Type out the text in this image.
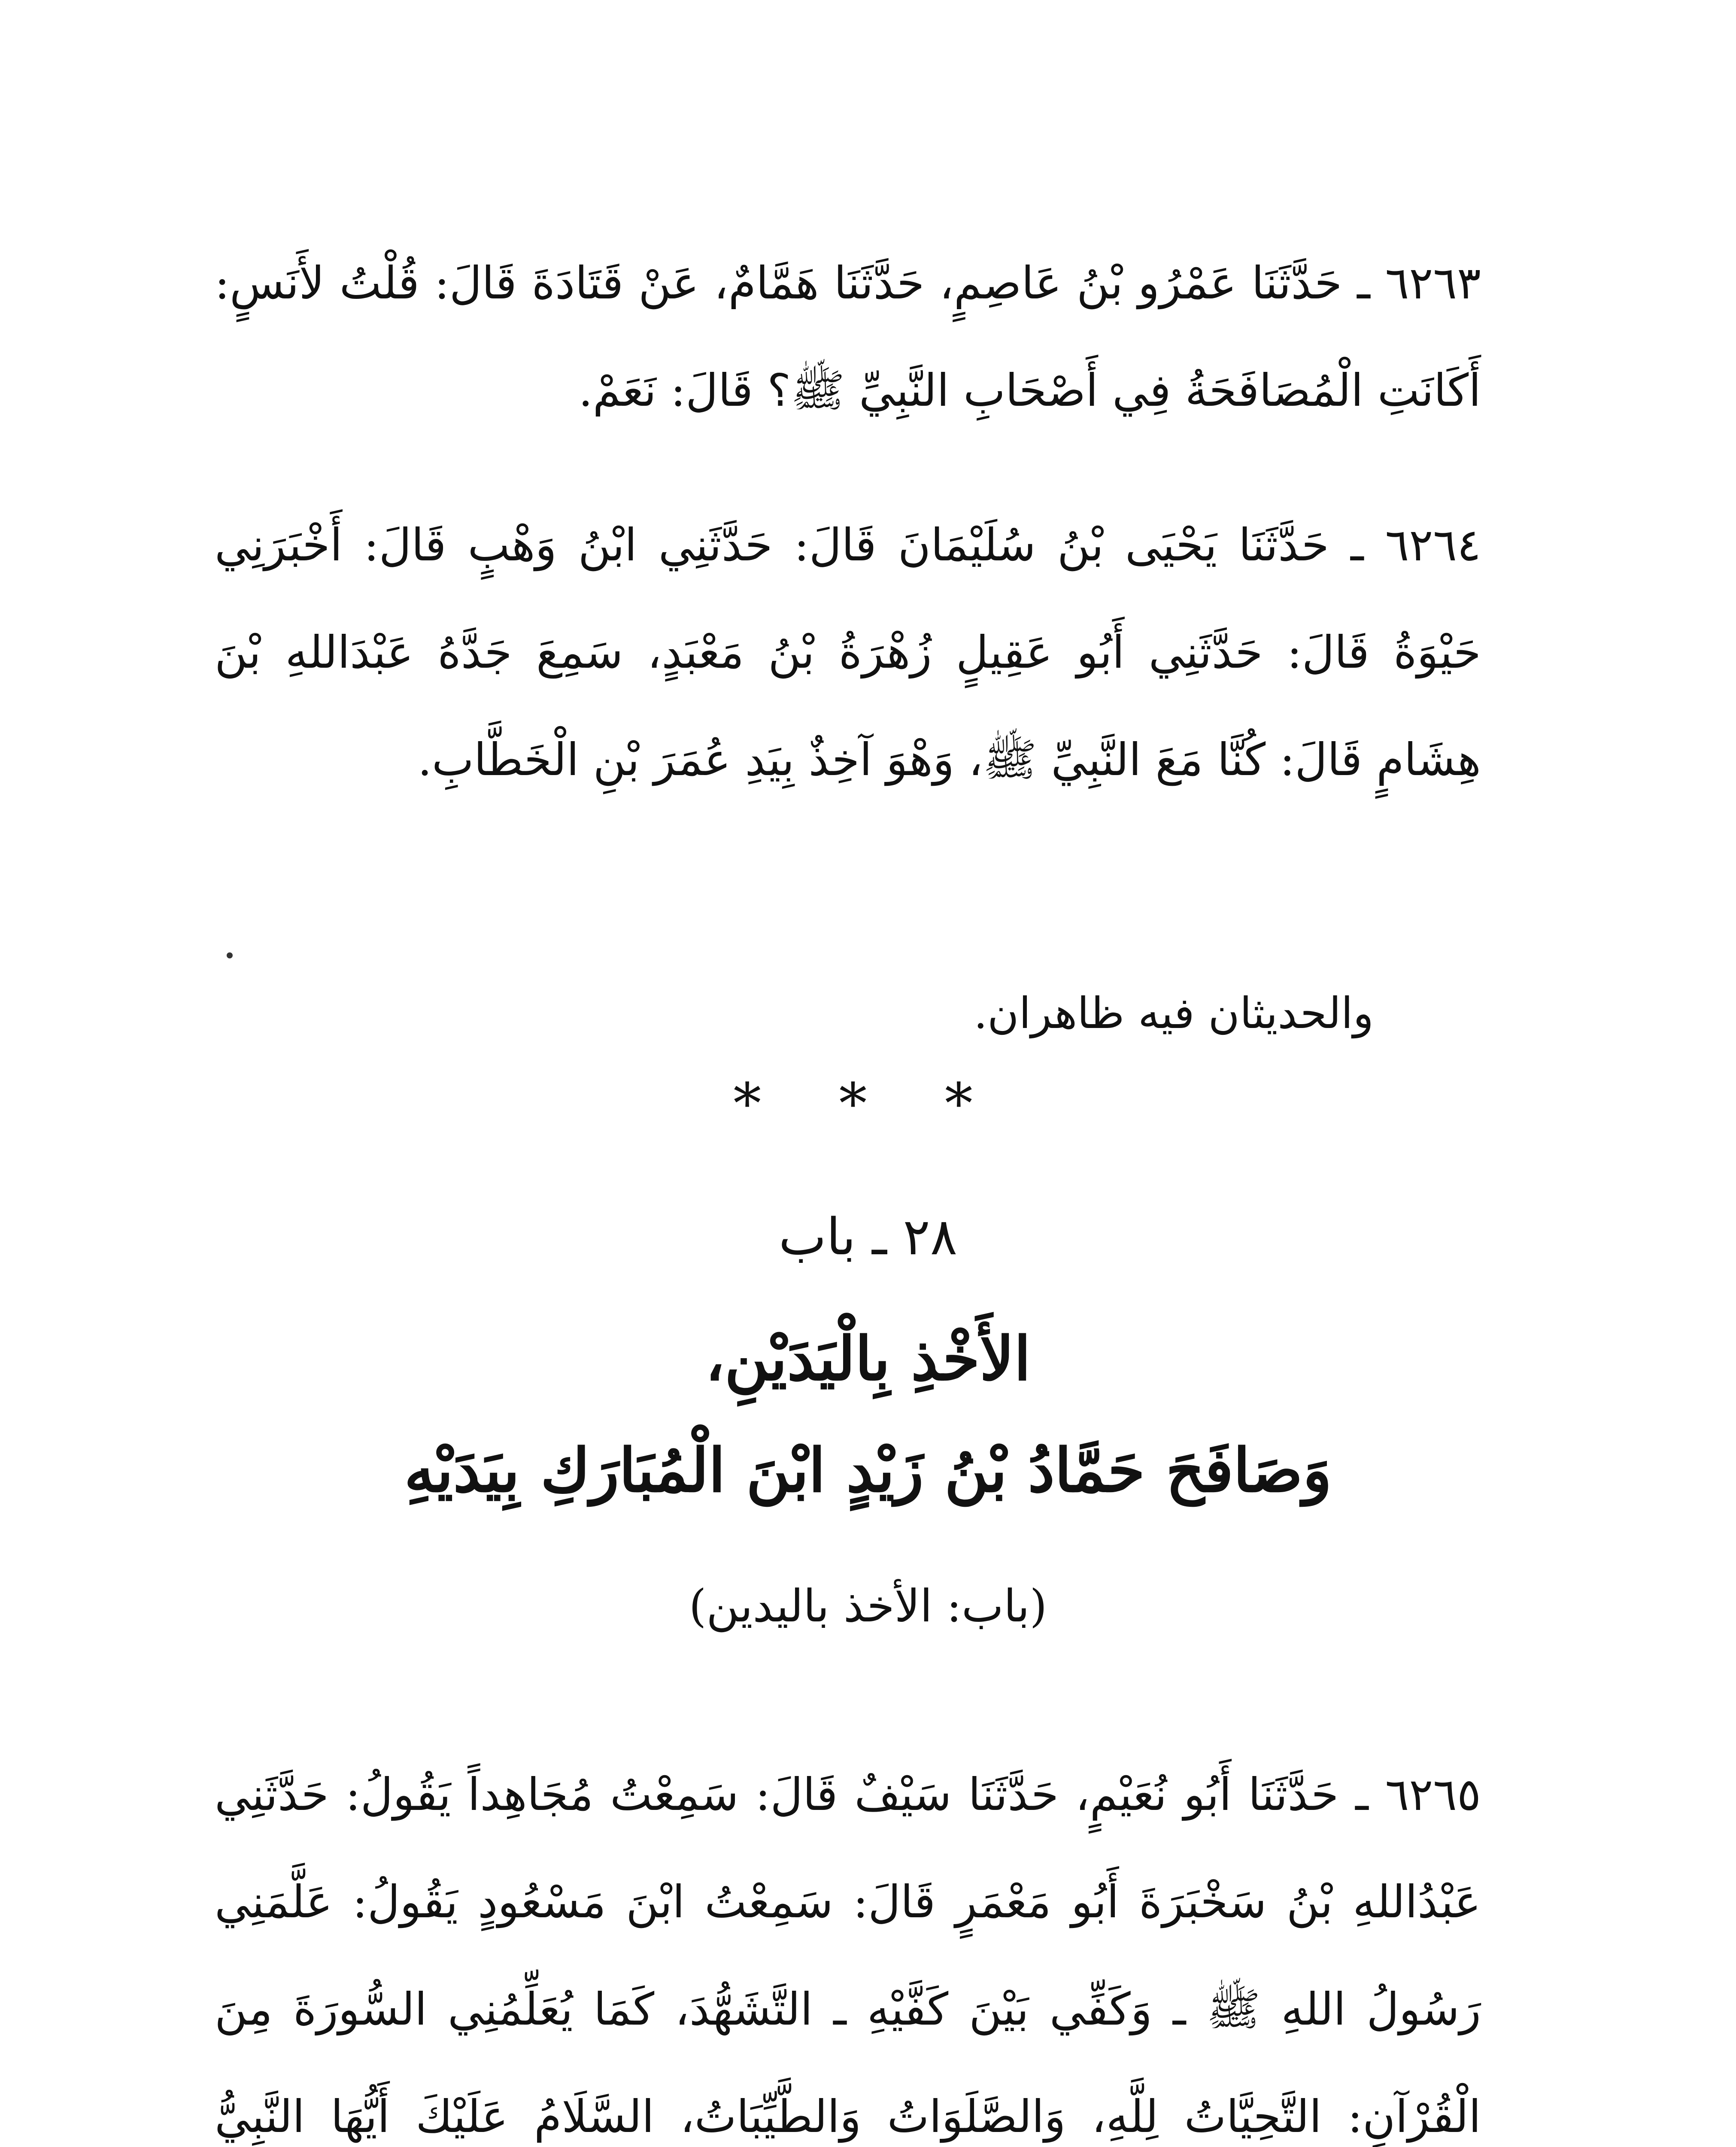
٦٢٦٣ ـ حَدَّثَنَا عَمْرُو بْنُ عَاصِمٍ، حَدَّثَنَا هَمَّامٌ، عَنْ قَتَادَةَ قَالَ: قُلْتُ لأَنَسٍ: أَكَانَتِ الْمُصَافَحَةُ فِي أَصْحَابِ النَّبِيِّ ﷺ؟ قَالَ: نَعَمْ.

٦٢٦٤ ـ حَدَّثَنَا يَحْيَى بْنُ سُلَيْمَانَ قَالَ: حَدَّثَنِي ابْنُ وَهْبٍ قَالَ: أَخْبَرَنِي حَيْوَةُ قَالَ: حَدَّثَنِي أَبُو عَقِيلٍ زُهْرَةُ بْنُ مَعْبَدٍ، سَمِعَ جَدَّهُ عَبْدَاللهِ بْنَ هِشَامٍ قَالَ: كُنَّا مَعَ النَّبِيِّ ﷺ، وَهْوَ آخِذٌ بِيَدِ عُمَرَ بْنِ الْخَطَّابِ.

والحديثان فيه ظاهران.

* * *
٢٨ ـ باب
الأَخْذِ بِالْيَدَيْنِ،
وَصَافَحَ حَمَّادُ بْنُ زَيْدٍ ابْنَ الْمُبَارَكِ بِيَدَيْهِ
(باب: الأخذ باليدين)

٦٢٦٥ ـ حَدَّثَنَا أَبُو نُعَيْمٍ، حَدَّثَنَا سَيْفٌ قَالَ: سَمِعْتُ مُجَاهِداً يَقُولُ: حَدَّثَنِي عَبْدُاللهِ بْنُ سَخْبَرَةَ أَبُو مَعْمَرٍ قَالَ: سَمِعْتُ ابْنَ مَسْعُودٍ يَقُولُ: عَلَّمَنِي رَسُولُ اللهِ ﷺ ـ وَكَفِّي بَيْنَ كَفَّيْهِ ـ التَّشَهُّدَ، كَمَا يُعَلِّمُنِي السُّورَةَ مِنَ الْقُرْآنِ: التَّحِيَّاتُ لِلَّهِ، وَالصَّلَوَاتُ وَالطَّيِّبَاتُ، السَّلَامُ عَلَيْكَ أَيُّهَا النَّبِيُّ
